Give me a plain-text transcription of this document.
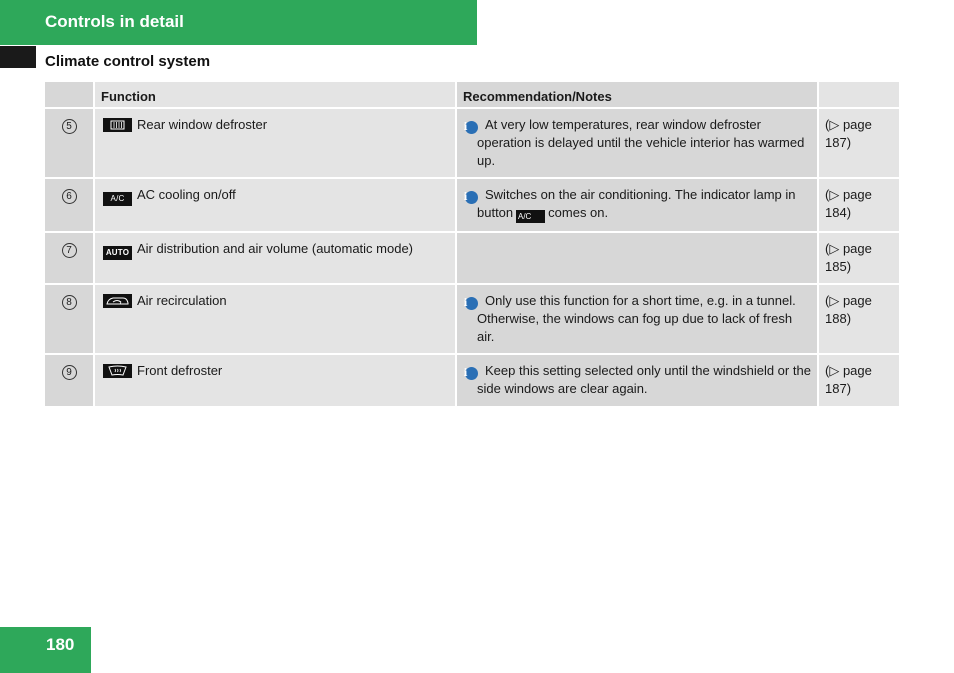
Controls in detail
Climate control system
	Function	Recommendation/Notes	
5	Rear window defroster	i At very low temperatures, rear window defroster operation is delayed until the vehicle interior has warmed up.	(▷ page 187)
6	A/C AC cooling on/off	i Switches on the air conditioning. The indicator lamp in button A/C comes on.	(▷ page 184)
7	AUTO Air distribution and air volume (automatic mode)		(▷ page 185)
8	Air recirculation	i Only use this function for a short time, e.g. in a tunnel. Otherwise, the windows can fog up due to lack of fresh air.	(▷ page 188)
9	Front defroster	i Keep this setting selected only until the windshield or the side windows are clear again.	(▷ page 187)
180
